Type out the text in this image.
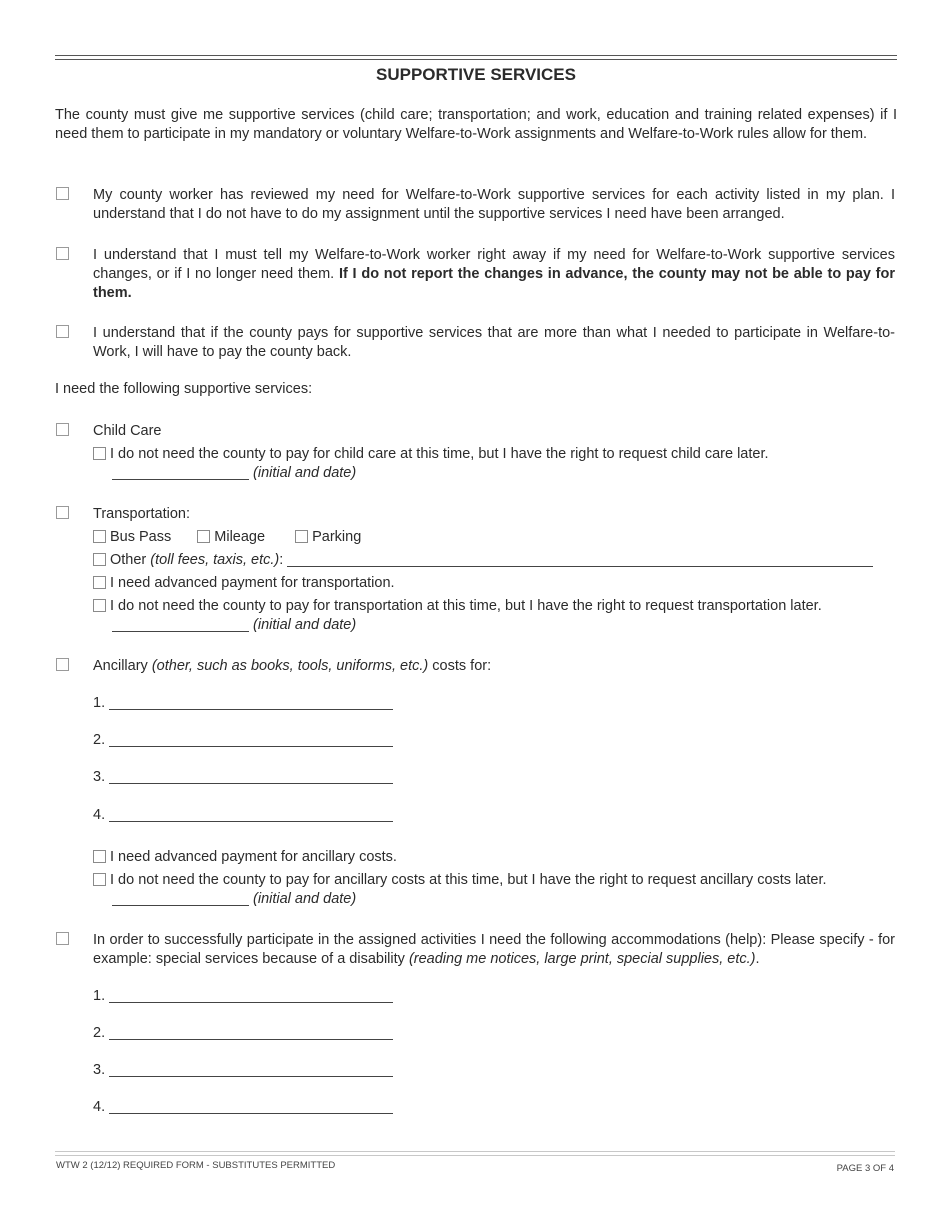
SUPPORTIVE SERVICES
The county must give me supportive services (child care; transportation; and work, education and training related expenses) if I need them to participate in my mandatory or voluntary Welfare-to-Work assignments and Welfare-to-Work rules allow for them.
My county worker has reviewed my need for Welfare-to-Work supportive services for each activity listed in my plan. I understand that I do not have to do my assignment until the supportive services I need have been arranged.
I understand that I must tell my Welfare-to-Work worker right away if my need for Welfare-to-Work supportive services changes, or if I no longer need them. If I do not report the changes in advance, the county may not be able to pay for them.
I understand that if the county pays for supportive services that are more than what I needed to participate in Welfare-to-Work, I will have to pay the county back.
I need the following supportive services:
Child Care
I do not need the county to pay for child care at this time, but I have the right to request child care later.
(initial and date)
Transportation:
Bus Pass	Mileage	Parking
Other (toll fees, taxis, etc.):
I need advanced payment for transportation.
I do not need the county to pay for transportation at this time, but I have the right to request transportation later.
(initial and date)
Ancillary (other, such as books, tools, uniforms, etc.) costs for:
1.
2.
3.
4.
I need advanced payment for ancillary costs.
I do not need the county to pay for ancillary costs at this time, but I have the right to request ancillary costs later.
(initial and date)
In order to successfully participate in the assigned activities I need the following accommodations (help): Please specify - for example: special services because of a disability (reading me notices, large print, special supplies, etc.).
1.
2.
3.
4.
WTW 2 (12/12) REQUIRED FORM - SUBSTITUTES PERMITTED	PAGE 3 OF 4
